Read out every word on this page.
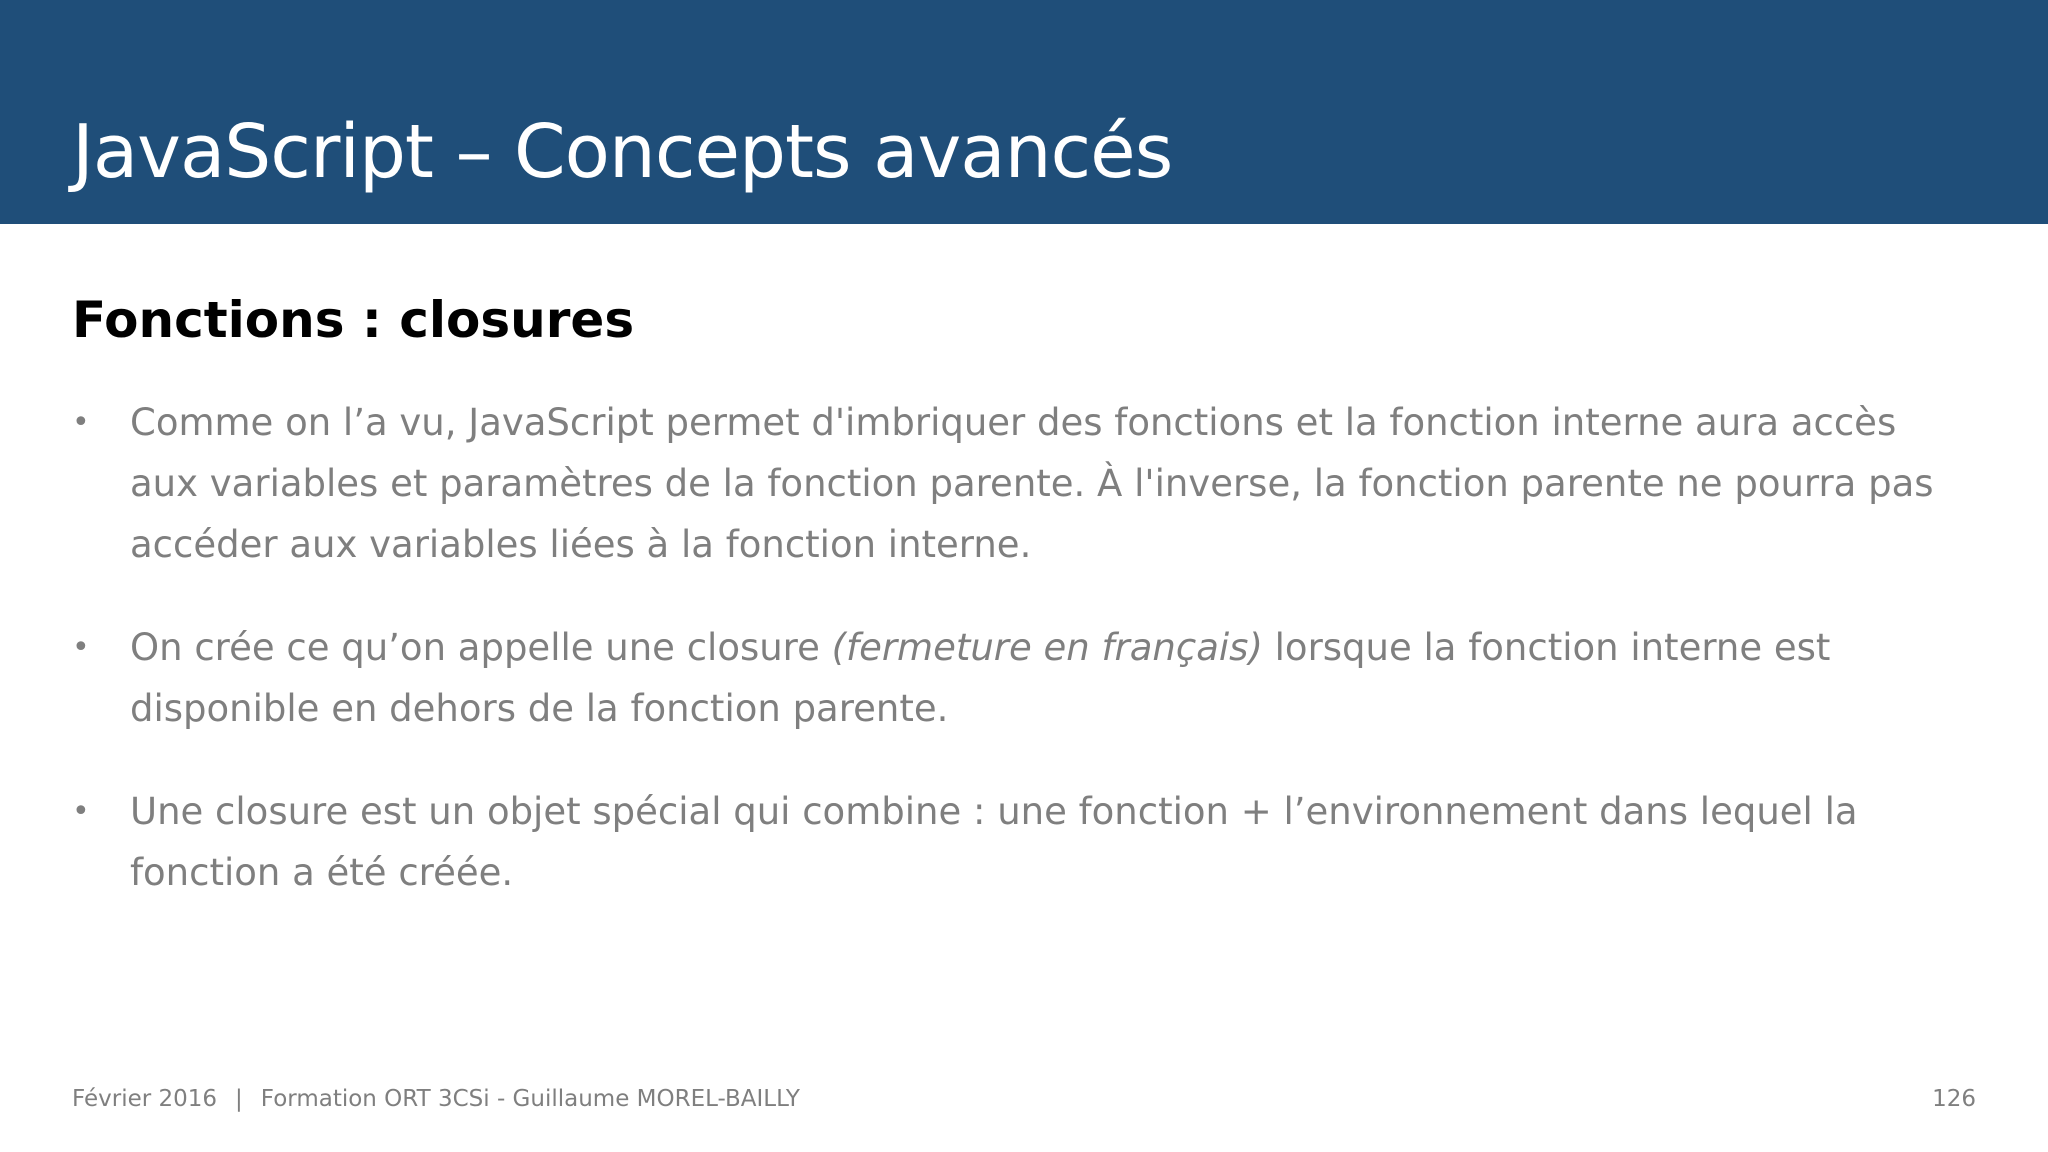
JavaScript – Concepts avancés
Fonctions : closures
• Comme on l’a vu, JavaScript permet d'imbriquer des fonctions et la fonction interne aura accès aux variables et paramètres de la fonction parente. À l'inverse, la fonction parente ne pourra pas accéder aux variables liées à la fonction interne.
• On crée ce qu’on appelle une closure (fermeture en français) lorsque la fonction interne est disponible en dehors de la fonction parente.
• Une closure est un objet spécial qui combine : une fonction + l’environnement dans lequel la fonction a été créée.
Février 2016 | Formation ORT 3CSi - Guillaume MOREL-BAILLY	126
